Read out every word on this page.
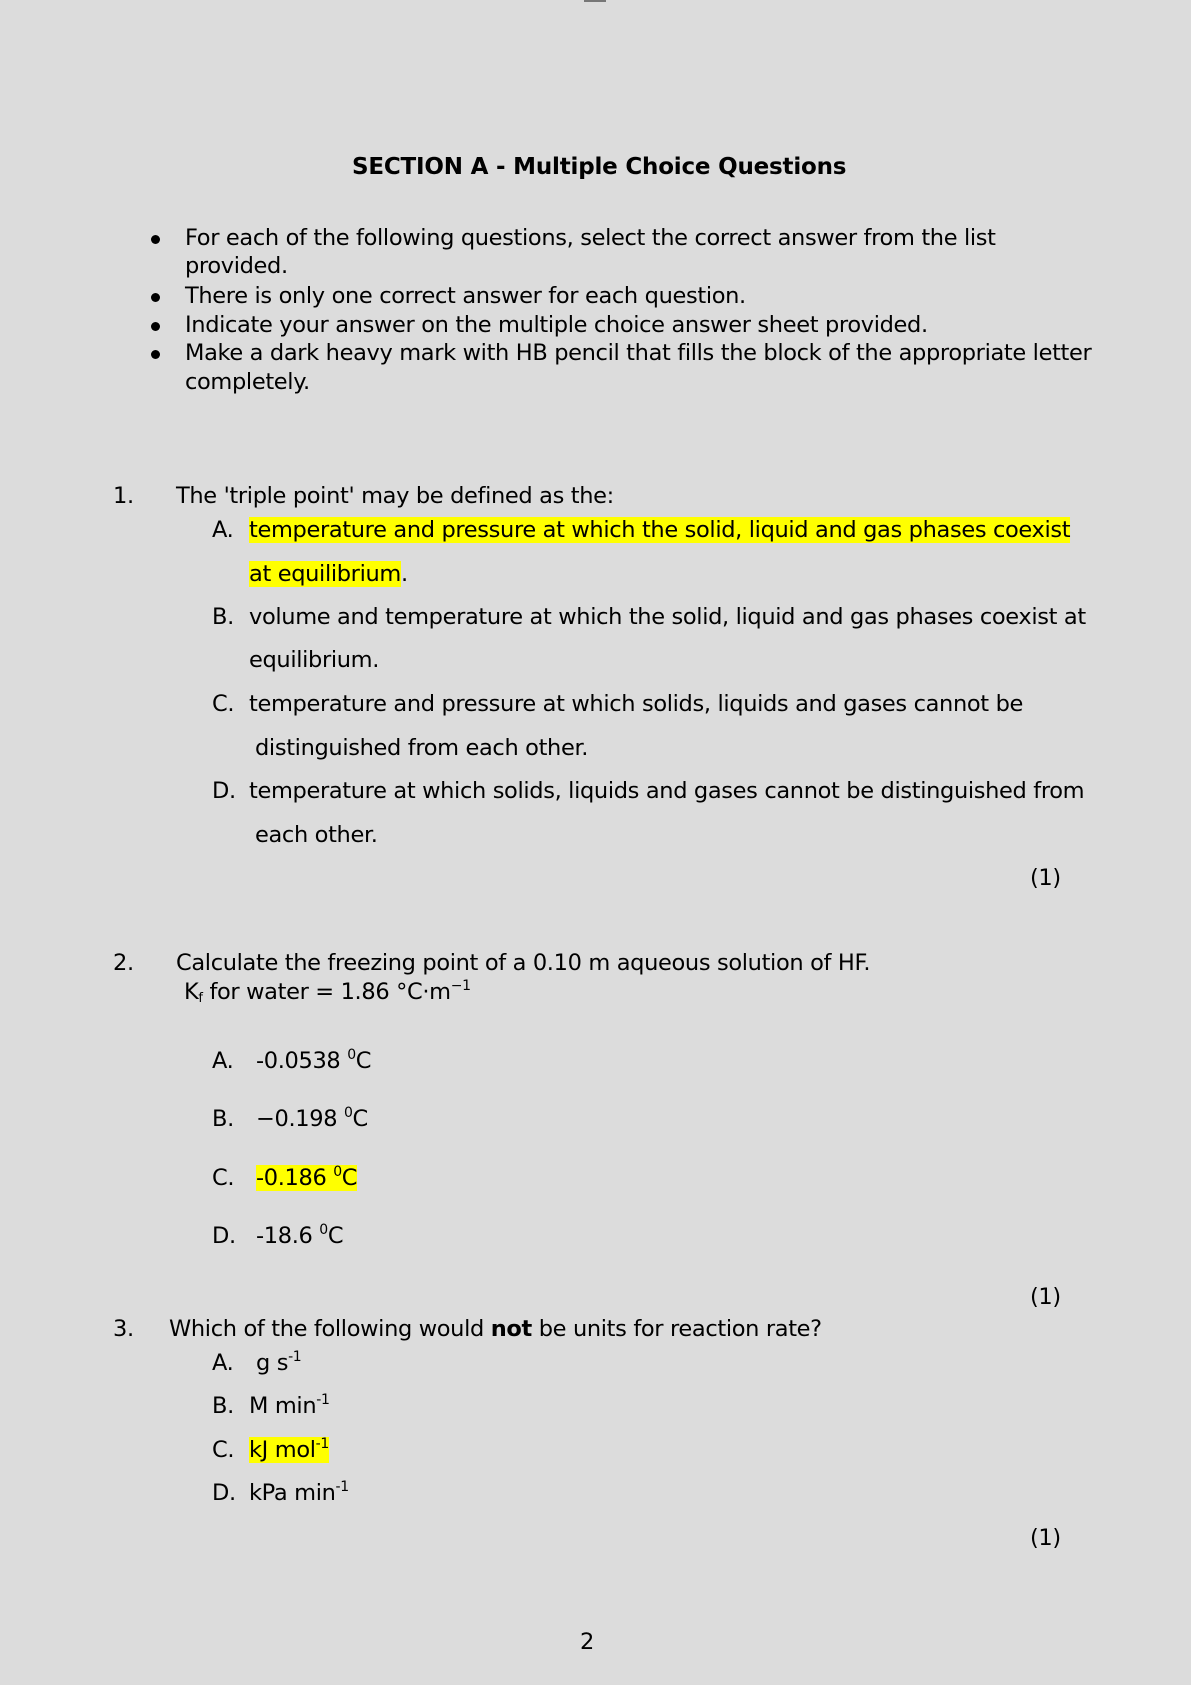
SECTION A - Multiple Choice Questions
For each of the following questions, select the correct answer from the list
provided.
There is only one correct answer for each question.
Indicate your answer on the multiple choice answer sheet provided.
Make a dark heavy mark with HB pencil that fills the block of the appropriate letter
completely.
1. The 'triple point' may be defined as the:
A. temperature and pressure at which the solid, liquid and gas phases coexist
at equilibrium.
B. volume and temperature at which the solid, liquid and gas phases coexist at
equilibrium.
C. temperature and pressure at which solids, liquids and gases cannot be
distinguished from each other.
D. temperature at which solids, liquids and gases cannot be distinguished from
each other.
(1)
2. Calculate the freezing point of a 0.10 m aqueous solution of HF.
$K_f$ for water = 1.86 $^\circ C\cdot m^{-1}$
A. -0.0538 $^0$C
B. −0.198 $^0$C
C. -0.186 $^0$C
D. -18.6 $^0$C
(1)
3. Which of the following would not be units for reaction rate?
A. g $s^{-1}$
B. M $\min^{-1}$
C. kJ mol$^{-1}$
D. kPa $\min^{-1}$
(1)
2
